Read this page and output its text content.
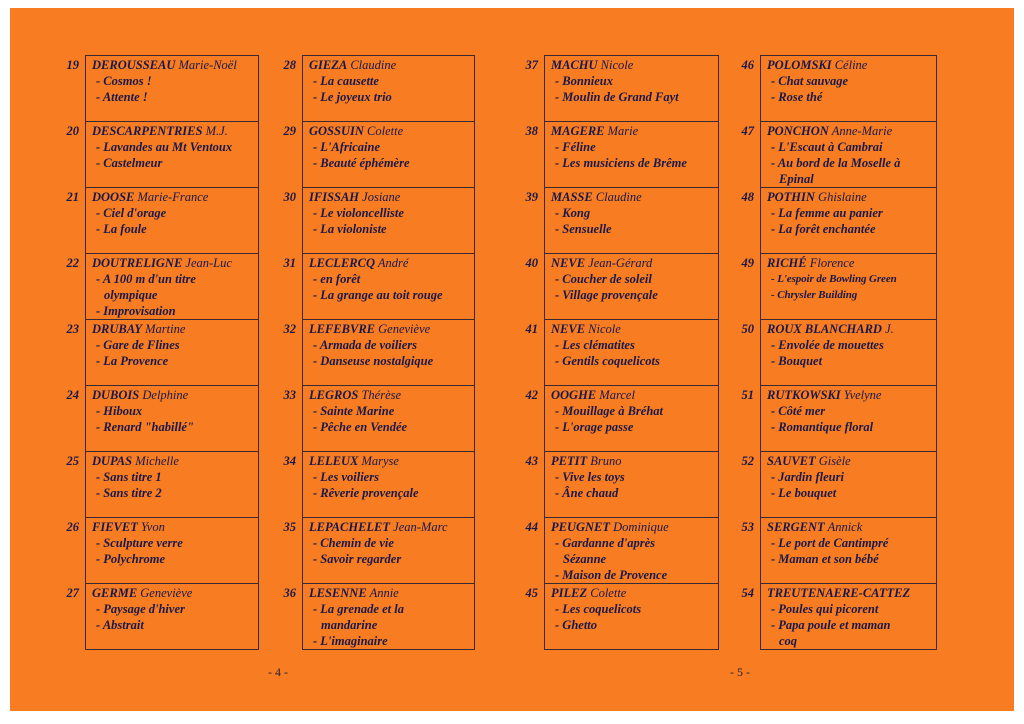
19	DEROUSSEAU Marie-Noël
- Cosmos !
- Attente !
20	DESCARPENTRIES M.J.
- Lavandes au Mt Ventoux
- Castelmeur
21	DOOSE Marie-France
- Ciel d'orage
- La foule
22	DOUTRELIGNE Jean-Luc
- A 100 m d'un titre
olympique
- Improvisation
23	DRUBAY Martine
- Gare de Flines
- La Provence
24	DUBOIS Delphine
- Hiboux
- Renard "habillé"
25	DUPAS Michelle
- Sans titre 1
- Sans titre 2
26	FIEVET Yvon
- Sculpture verre
- Polychrome
27	GERME Geneviève
- Paysage d'hiver
- Abstrait
28	GIEZA Claudine
- La causette
- Le joyeux trio
29	GOSSUIN Colette
- L'Africaine
- Beauté éphémère
30	IFISSAH Josiane
- Le violoncelliste
- La violoniste
31	LECLERCQ André
- en forêt
- La grange au toit rouge
32	LEFEBVRE Geneviève
- Armada de voiliers
- Danseuse nostalgique
33	LEGROS Thérèse
- Sainte Marine
- Pêche en Vendée
34	LELEUX Maryse
- Les voiliers
- Rêverie provençale
35	LEPACHELET Jean-Marc
- Chemin de vie
- Savoir regarder
36	LESENNE Annie
- La grenade et la
mandarine
- L'imaginaire
37	MACHU Nicole
- Bonnieux
- Moulin de Grand Fayt
38	MAGERE Marie
- Féline
- Les musiciens de Brême
39	MASSE Claudine
- Kong
- Sensuelle
40	NEVE Jean-Gérard
- Coucher de soleil
- Village provençale
41	NEVE Nicole
- Les clématites
- Gentils coquelicots
42	OOGHE Marcel
- Mouillage à Bréhat
- L'orage passe
43	PETIT Bruno
- Vive les toys
- Âne chaud
44	PEUGNET Dominique
- Gardanne d'après
Sézanne
- Maison de Provence
45	PILEZ Colette
- Les coquelicots
- Ghetto
46	POLOMSKI Céline
- Chat sauvage
- Rose thé
47	PONCHON Anne-Marie
- L'Escaut à Cambrai
- Au bord de la Moselle à
Epinal
48	POTHIN Ghislaine
- La femme au panier
- La forêt enchantée
49	RICHÉ Florence
- L'espoir de Bowling Green
- Chrysler Building
50	ROUX BLANCHARD J.
- Envolée de mouettes
- Bouquet
51	RUTKOWSKI Yvelyne
- Côté mer
- Romantique floral
52	SAUVET Gisèle
- Jardin fleuri
- Le bouquet
53	SERGENT Annick
- Le port de Cantimpré
- Maman et son bébé
54	TREUTENAERE-CATTEZ
- Poules qui picorent
- Papa poule et maman
coq
- 4 -	- 5 -
